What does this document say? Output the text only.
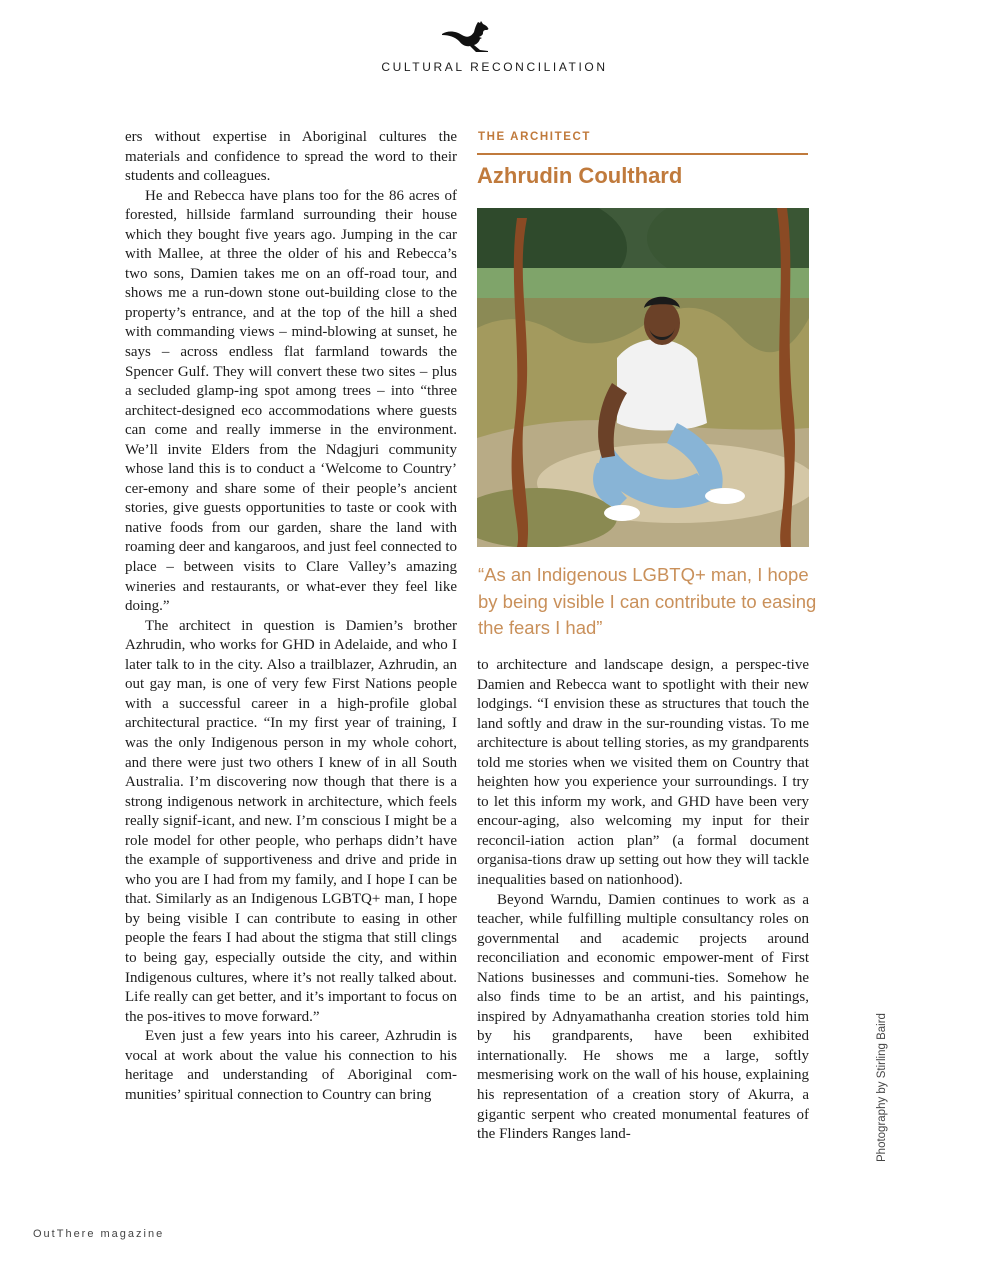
CULTURAL RECONCILIATION

ers without expertise in Aboriginal cultures the materials and confidence to spread the word to their students and colleagues.

He and Rebecca have plans too for the 86 acres of forested, hillside farmland surrounding their house which they bought five years ago. Jumping in the car with Mallee, at three the older of his and Rebecca’s two sons, Damien takes me on an off-road tour, and shows me a run-down stone out-building close to the property’s entrance, and at the top of the hill a shed with commanding views – mind-blowing at sunset, he says – across endless flat farmland towards the Spencer Gulf. They will convert these two sites – plus a secluded glamp-ing spot among trees – into “three architect-designed eco accommodations where guests can come and really immerse in the environment. We’ll invite Elders from the Ndagjuri community whose land this is to conduct a ‘Welcome to Country’ cer-emony and share some of their people’s ancient stories, give guests opportunities to taste or cook with native foods from our garden, share the land with roaming deer and kangaroos, and just feel connected to place – between visits to Clare Valley’s amazing wineries and restaurants, or what-ever they feel like doing.”

The architect in question is Damien’s brother Azhrudin, who works for GHD in Adelaide, and who I later talk to in the city. Also a trailblazer, Azhrudin, an out gay man, is one of very few First Nations people with a successful career in a high-profile global architectural practice. “In my first year of training, I was the only Indigenous person in my whole cohort, and there were just two others I knew of in all South Australia. I’m discovering now though that there is a strong indigenous network in architecture, which feels really signif-icant, and new. I’m conscious I might be a role model for other people, who perhaps didn’t have the example of supportiveness and drive and pride in who you are I had from my family, and I hope I can be that. Similarly as an Indigenous LGBTQ+ man, I hope by being visible I can contribute to easing in other people the fears I had about the stigma that still clings to being gay, especially outside the city, and within Indigenous cultures, where it’s not really talked about. Life really can get better, and it’s important to focus on the pos-itives to move forward.”

Even just a few years into his career, Azhrudin is vocal at work about the value his connection to his heritage and understanding of Aboriginal com-munities’ spiritual connection to Country can bring

THE ARCHITECT
Azhrudin Coulthard
“As an Indigenous LGBTQ+ man, I hope by being visible I can contribute to easing the fears I had”

to architecture and landscape design, a perspec-tive Damien and Rebecca want to spotlight with their new lodgings. “I envision these as structures that touch the land softly and draw in the sur-rounding vistas. To me architecture is about telling stories, as my grandparents told me stories when we visited them on Country that heighten how you experience your surroundings. I try to let this inform my work, and GHD have been very encour-aging, also welcoming my input for their reconcil-iation action plan” (a formal document organisa-tions draw up setting out how they will tackle inequalities based on nationhood).

Beyond Warndu, Damien continues to work as a teacher, while fulfilling multiple consultancy roles on governmental and academic projects around reconciliation and economic empower-ment of First Nations businesses and communi-ties. Somehow he also finds time to be an artist, and his paintings, inspired by Adnyamathanha creation stories told him by his grandparents, have been exhibited internationally. He shows me a large, softly mesmerising work on the wall of his house, explaining his representation of a creation story of Akurra, a gigantic serpent who created monumental features of the Flinders Ranges land-	Photography by Stirling Baird
OutThere magazine
